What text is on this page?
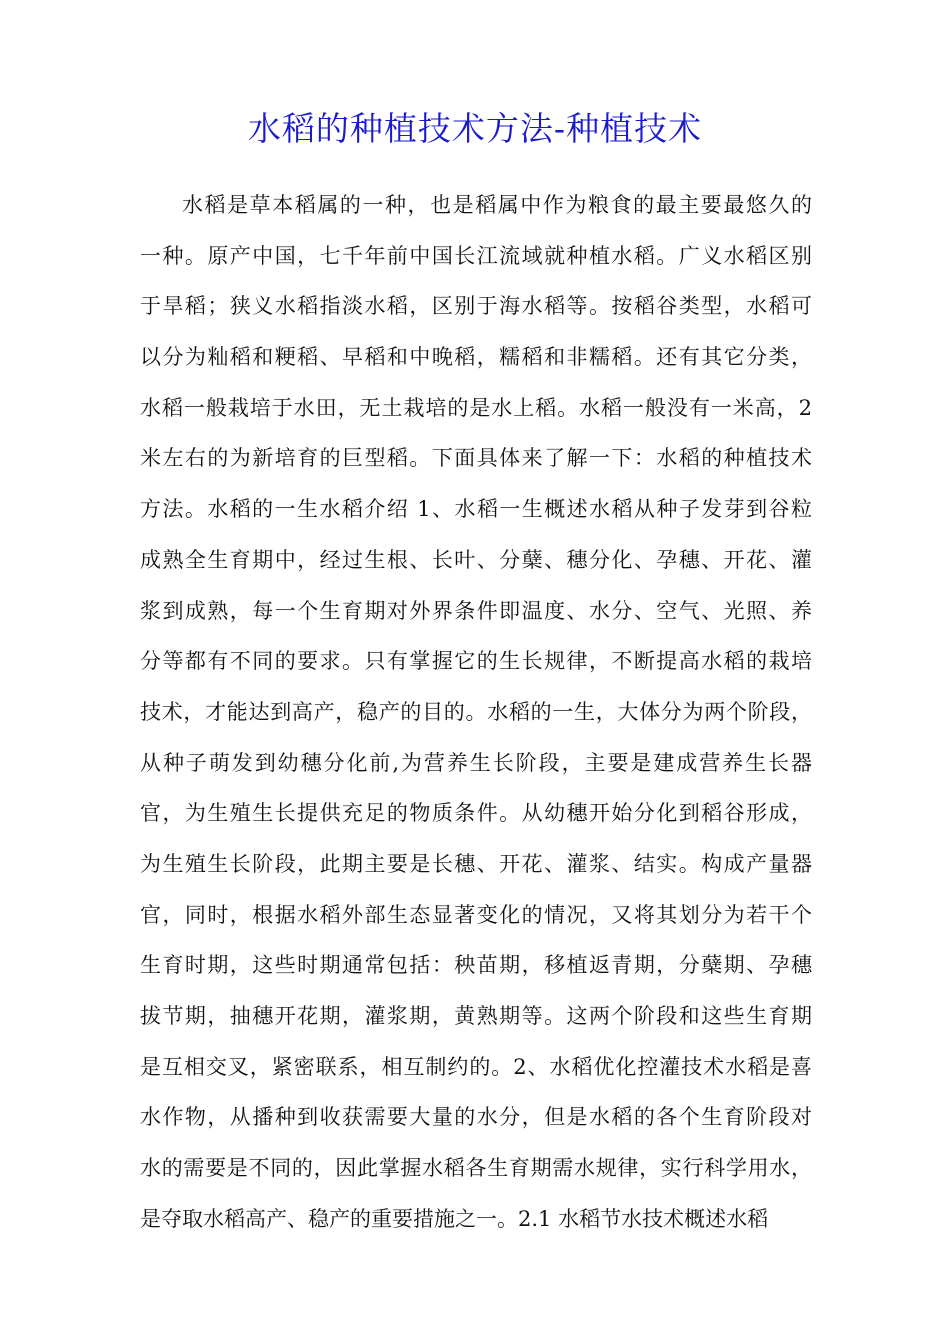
水稻的种植技术方法-种植技术
水稻是草本稻属的一种，也是稻属中作为粮食的最主要最悠久的
一种。原产中国，七千年前中国长江流域就种植水稻。广义水稻区别
于旱稻；狭义水稻指淡水稻，区别于海水稻等。按稻谷类型，水稻可
以分为籼稻和粳稻、早稻和中晚稻，糯稻和非糯稻。还有其它分类，
水稻一般栽培于水田，无土栽培的是水上稻。水稻一般没有一米高，2
米左右的为新培育的巨型稻。下面具体来了解一下：水稻的种植技术
方法。水稻的一生水稻介绍 1、水稻一生概述水稻从种子发芽到谷粒
成熟全生育期中，经过生根、长叶、分蘖、穗分化、孕穗、开花、灌
浆到成熟，每一个生育期对外界条件即温度、水分、空气、光照、养
分等都有不同的要求。只有掌握它的生长规律，不断提高水稻的栽培
技术，才能达到高产，稳产的目的。水稻的一生，大体分为两个阶段，
从种子萌发到幼穗分化前,为营养生长阶段，主要是建成营养生长器
官，为生殖生长提供充足的物质条件。从幼穗开始分化到稻谷形成，
为生殖生长阶段，此期主要是长穗、开花、灌浆、结实。构成产量器
官，同时，根据水稻外部生态显著变化的情况，又将其划分为若干个
生育时期，这些时期通常包括：秧苗期，移植返青期，分蘖期、孕穗
拔节期，抽穗开花期，灌浆期，黄熟期等。这两个阶段和这些生育期
是互相交叉，紧密联系，相互制约的。2、水稻优化控灌技术水稻是喜
水作物，从播种到收获需要大量的水分，但是水稻的各个生育阶段对
水的需要是不同的，因此掌握水稻各生育期需水规律，实行科学用水，
是夺取水稻高产、稳产的重要措施之一。2.1 水稻节水技术概述水稻
